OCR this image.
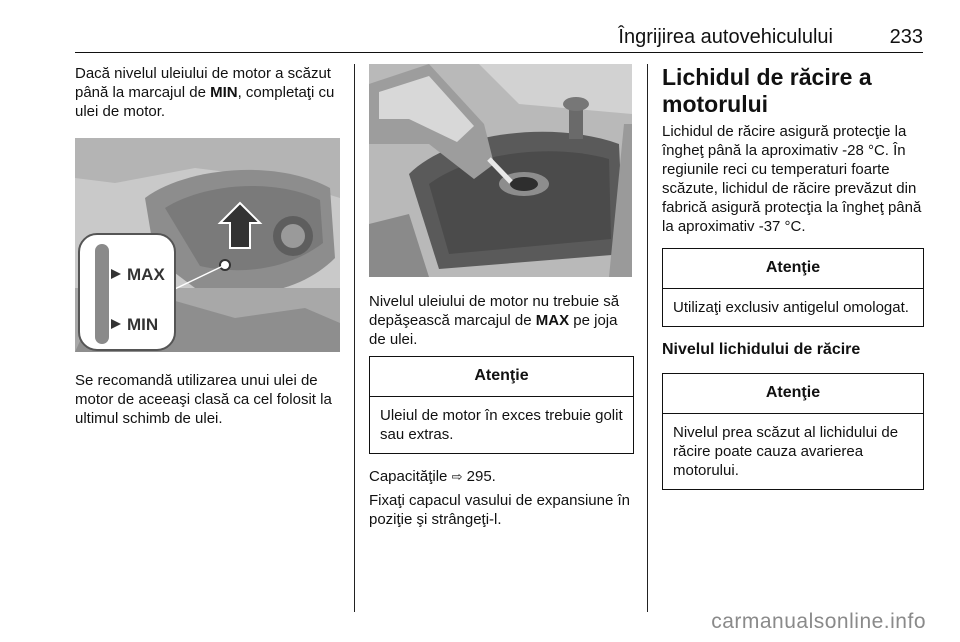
Îngrijirea autovehiculului	233

Dacă nivelul uleiului de motor a scăzut până la marcajul de MIN, completaţi cu ulei de motor.

MAX
MIN

Se recomandă utilizarea unui ulei de motor de aceeaşi clasă ca cel folosit la ultimul schimb de ulei.

Nivelul uleiului de motor nu trebuie să depăşească marcajul de MAX pe joja de ulei.

Atenţie
Uleiul de motor în exces trebuie golit sau extras.

Capacităţile ⇨ 295.

Fixaţi capacul vasului de expansiune în poziţie şi strângeţi-l.

Lichidul de răcire a motorului

Lichidul de răcire asigură protecţie la îngheţ până la aproximativ -28 °C. În regiunile reci cu temperaturi foarte scăzute, lichidul de răcire prevăzut din fabrică asigură protecţia la îngheţ până la aproximativ -37 °C.

Atenţie
Utilizaţi exclusiv antigelul omologat.
Nivelul lichidului de răcire
Atenţie
Nivelul prea scăzut al lichidului de răcire poate cauza avarierea motorului.
carmanualsonline.info
